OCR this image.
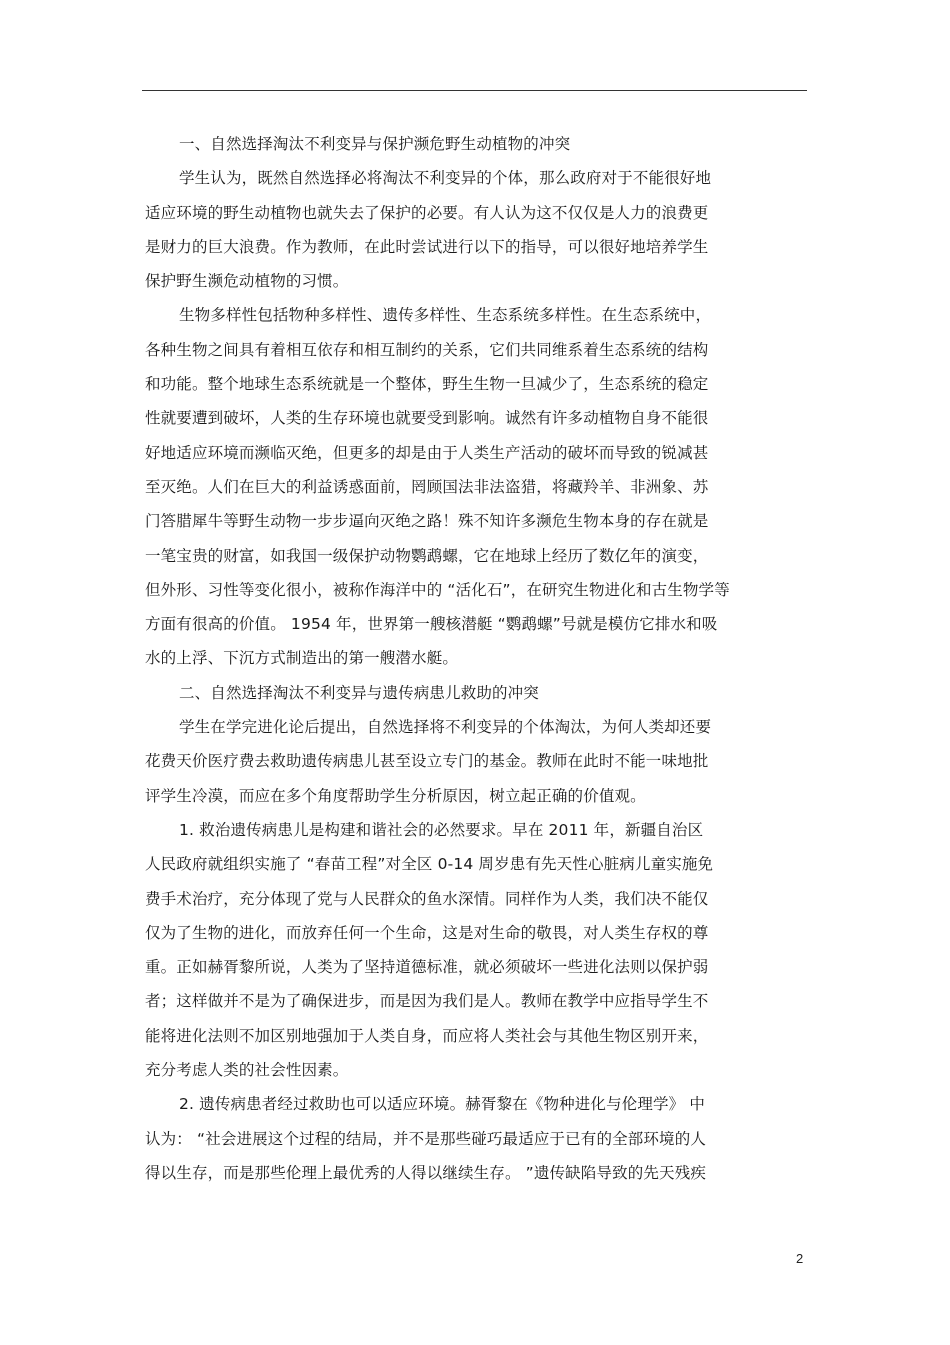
一、自然选择淘汰不利变异与保护濒危野生动植物的冲突
学生认为，既然自然选择必将淘汰不利变异的个体，那么政府对于不能很好地
适应环境的野生动植物也就失去了保护的必要。有人认为这不仅仅是人力的浪费更
是财力的巨大浪费。作为教师，在此时尝试进行以下的指导，可以很好地培养学生
保护野生濒危动植物的习惯。
生物多样性包括物种多样性、遗传多样性、生态系统多样性。在生态系统中，
各种生物之间具有着相互依存和相互制约的关系，它们共同维系着生态系统的结构
和功能。整个地球生态系统就是一个整体，野生生物一旦减少了，生态系统的稳定
性就要遭到破坏，人类的生存环境也就要受到影响。诚然有许多动植物自身不能很
好地适应环境而濒临灭绝，但更多的却是由于人类生产活动的破坏而导致的锐减甚
至灭绝。人们在巨大的利益诱惑面前，罔顾国法非法盗猎，将藏羚羊、非洲象、苏
门答腊犀牛等野生动物一步步逼向灭绝之路！殊不知许多濒危生物本身的存在就是
一笔宝贵的财富，如我国一级保护动物鹦鹉螺，它在地球上经历了数亿年的演变，
但外形、习性等变化很小，被称作海洋中的 “活化石”，在研究生物进化和古生物学等
方面有很高的价值。 1954 年，世界第一艘核潜艇 “鹦鹉螺”号就是模仿它排水和吸
水的上浮、下沉方式制造出的第一艘潜水艇。
二、自然选择淘汰不利变异与遗传病患儿救助的冲突
学生在学完进化论后提出，自然选择将不利变异的个体淘汰，为何人类却还要
花费天价医疗费去救助遗传病患儿甚至设立专门的基金。教师在此时不能一味地批
评学生冷漠，而应在多个角度帮助学生分析原因，树立起正确的价值观。
1. 救治遗传病患儿是构建和谐社会的必然要求。早在 2011 年，新疆自治区
人民政府就组织实施了 “春苗工程”对全区 0-14 周岁患有先天性心脏病儿童实施免
费手术治疗，充分体现了党与人民群众的鱼水深情。同样作为人类，我们决不能仅
仅为了生物的进化，而放弃任何一个生命，这是对生命的敬畏，对人类生存权的尊
重。正如赫胥黎所说，人类为了坚持道德标准，就必须破坏一些进化法则以保护弱
者；这样做并不是为了确保进步，而是因为我们是人。教师在教学中应指导学生不
能将进化法则不加区别地强加于人类自身，而应将人类社会与其他生物区别开来，
充分考虑人类的社会性因素。
2. 遗传病患者经过救助也可以适应环境。赫胥黎在《物种进化与伦理学》 中
认为： “社会进展这个过程的结局，并不是那些碰巧最适应于已有的全部环境的人
得以生存，而是那些伦理上最优秀的人得以继续生存。 ”遗传缺陷导致的先天残疾
2
